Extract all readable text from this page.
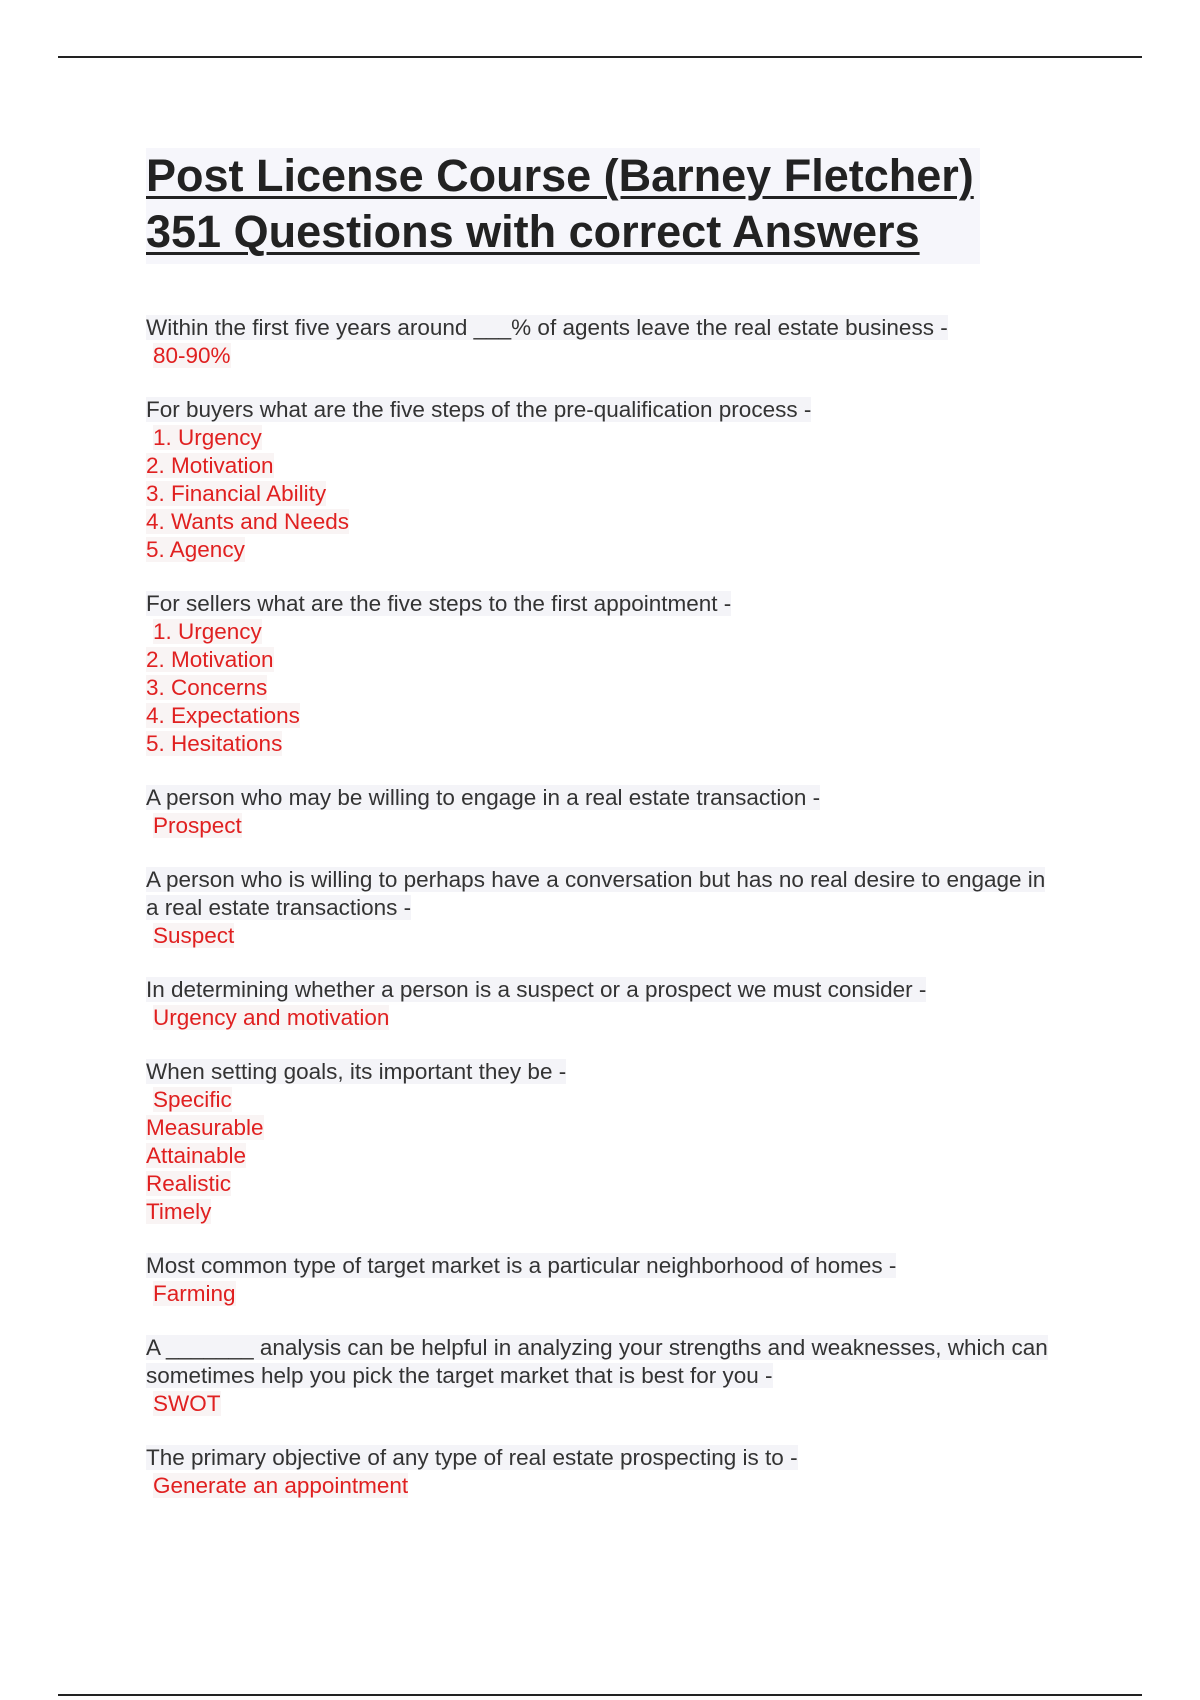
Post License Course (Barney Fletcher)
351 Questions with correct Answers
Within the first five years around ___% of agents leave the real estate business -
80-90%
For buyers what are the five steps of the pre-qualification process -
1. Urgency
2. Motivation
3. Financial Ability
4. Wants and Needs
5. Agency
For sellers what are the five steps to the first appointment -
1. Urgency
2. Motivation
3. Concerns
4. Expectations
5. Hesitations
A person who may be willing to engage in a real estate transaction -
Prospect
A person who is willing to perhaps have a conversation but has no real desire to engage in a real estate transactions -
Suspect
In determining whether a person is a suspect or a prospect we must consider -
Urgency and motivation
When setting goals, its important they be -
Specific
Measurable
Attainable
Realistic
Timely
Most common type of target market is a particular neighborhood of homes -
Farming
A _______ analysis can be helpful in analyzing your strengths and weaknesses, which can sometimes help you pick the target market that is best for you -
SWOT
The primary objective of any type of real estate prospecting is to -
Generate an appointment
